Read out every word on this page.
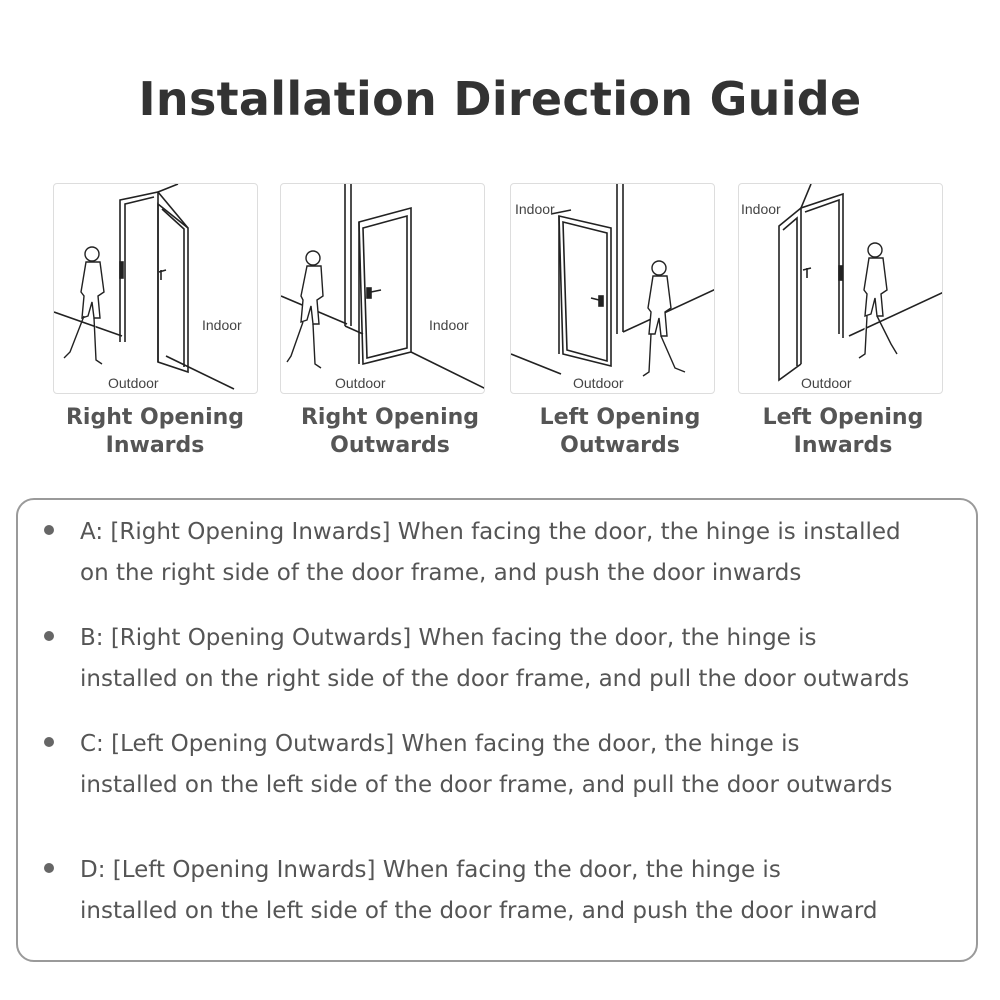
Installation Direction Guide
Indoor
Outdoor
Indoor
Outdoor
Indoor
Outdoor
Indoor
Outdoor
Right Opening
Inwards
Right Opening
Outwards
Left Opening
Outwards
Left Opening
Inwards
A: [Right Opening Inwards] When facing the door, the hinge is installed
on the right side of the door frame, and push the door inwards
B: [Right Opening Outwards] When facing the door, the hinge is
installed on the right side of the door frame, and pull the door outwards
C: [Left Opening Outwards] When facing the door, the hinge is
installed on the left side of the door frame, and pull the door outwards
D: [Left Opening Inwards] When facing the door, the hinge is
installed on the left side of the door frame, and push the door inward
